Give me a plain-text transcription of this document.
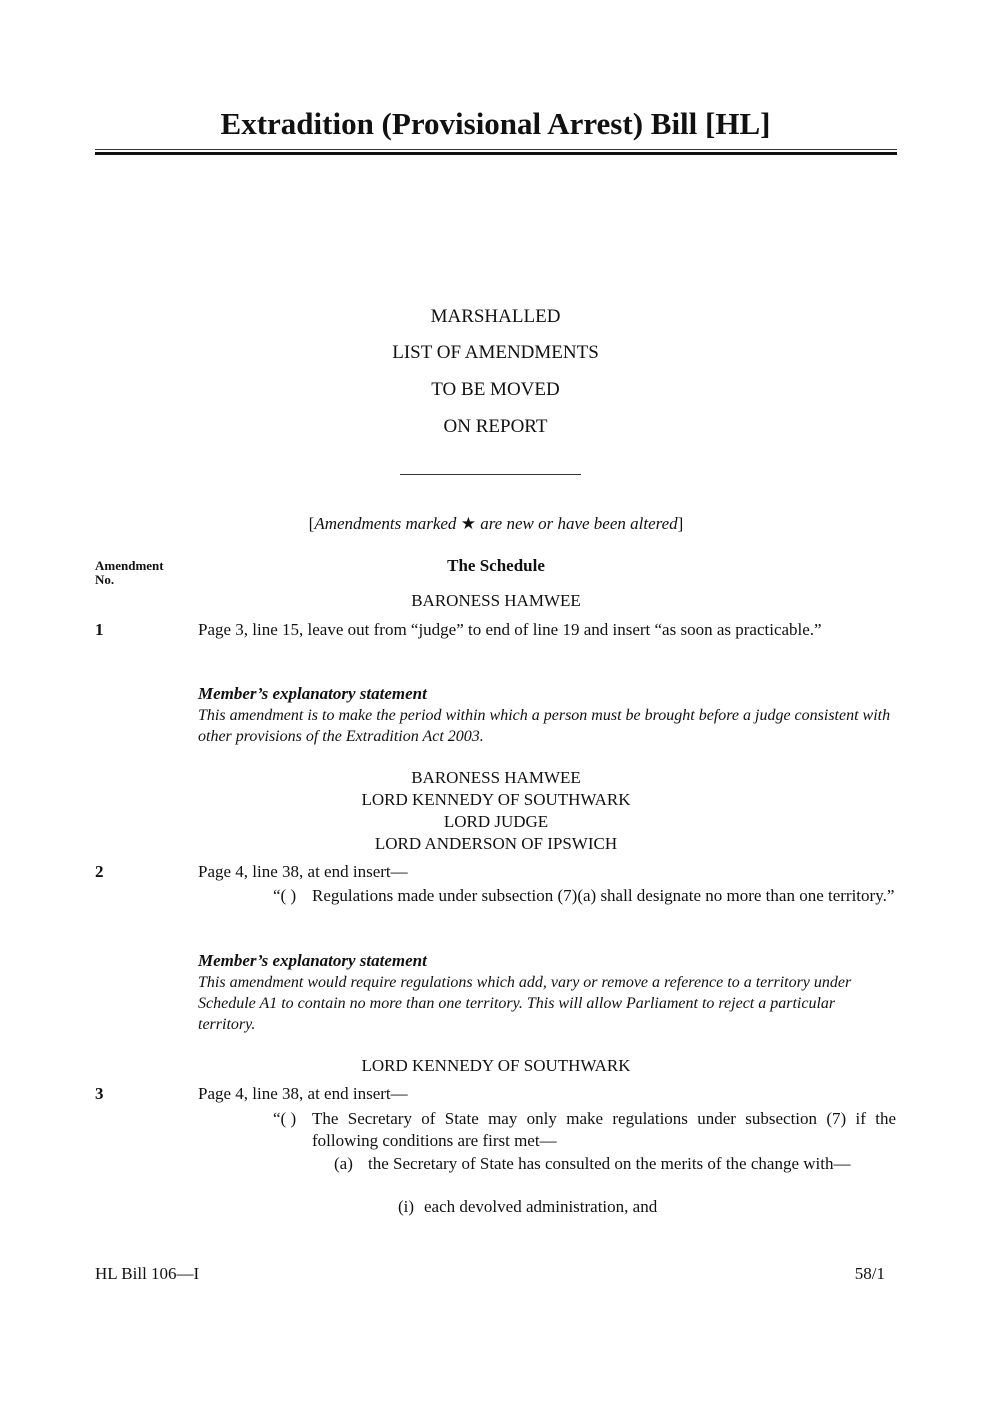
Extradition (Provisional Arrest) Bill [HL]
MARSHALLED
LIST OF AMENDMENTS
TO BE MOVED
ON REPORT
[Amendments marked ★ are new or have been altered]
Amendment No.
The Schedule
BARONESS HAMWEE
1	Page 3, line 15, leave out from “judge” to end of line 19 and insert “as soon as practicable.”
Member’s explanatory statement
This amendment is to make the period within which a person must be brought before a judge consistent with other provisions of the Extradition Act 2003.
BARONESS HAMWEE
LORD KENNEDY OF SOUTHWARK
LORD JUDGE
LORD ANDERSON OF IPSWICH
2	Page 4, line 38, at end insert—
“( ) Regulations made under subsection (7)(a) shall designate no more than one territory.”
Member’s explanatory statement
This amendment would require regulations which add, vary or remove a reference to a territory under Schedule A1 to contain no more than one territory. This will allow Parliament to reject a particular territory.
LORD KENNEDY OF SOUTHWARK
3	Page 4, line 38, at end insert—
“( ) The Secretary of State may only make regulations under subsection (7) if the following conditions are first met—
(a) the Secretary of State has consulted on the merits of the change with—
(i) each devolved administration, and
HL Bill 106—I	58/1
